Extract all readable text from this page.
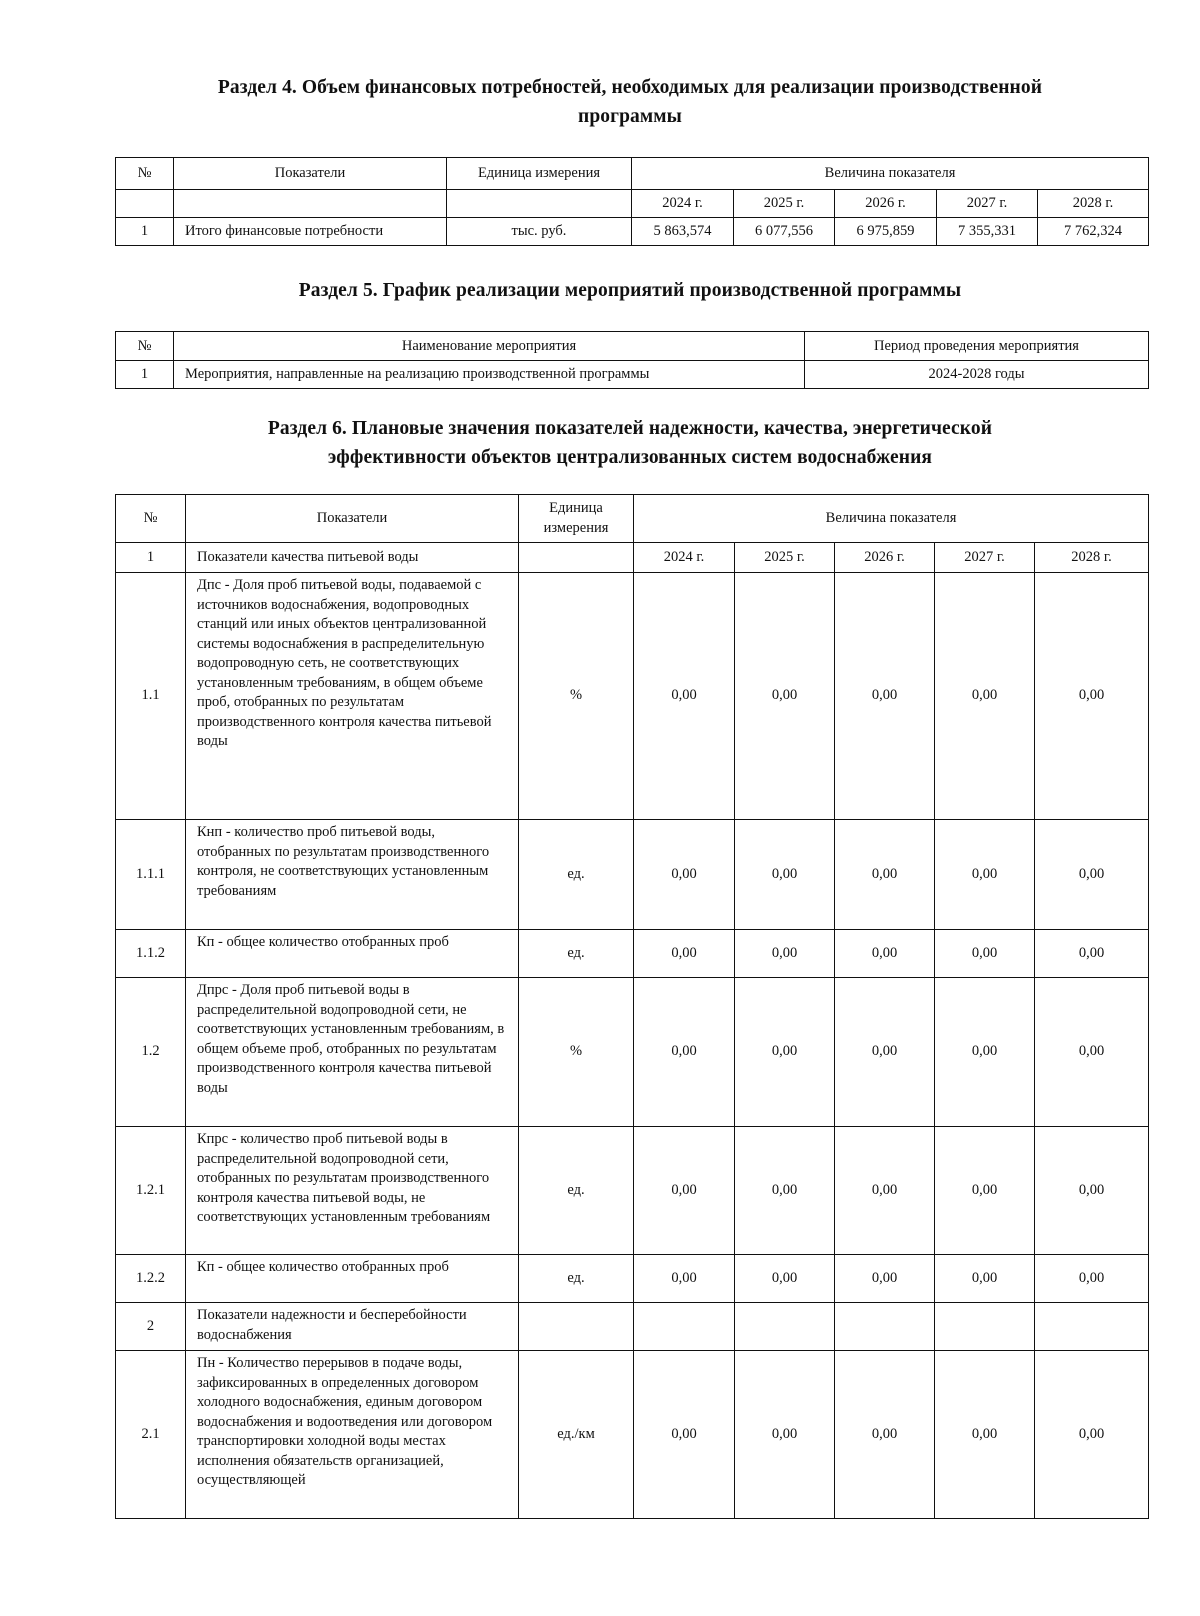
Раздел 4. Объем финансовых потребностей, необходимых для реализации производственной
программы
№	Показатели	Единица измерения	Величина показателя				
			2024 г.	2025 г.	2026 г.	2027 г.	2028 г.
1	Итого финансовые потребности	тыс. руб.	5 863,574	6 077,556	6 975,859	7 355,331	7 762,324
Раздел 5. График реализации мероприятий производственной программы
№	Наименование мероприятия	Период проведения мероприятия
1	Мероприятия, направленные на реализацию производственной программы	2024-2028 годы
Раздел 6. Плановые значения показателей надежности, качества, энергетической
эффективности объектов централизованных систем водоснабжения
№	Показатели	Единица измерения	Величина показателя				
1	Показатели качества питьевой воды		2024 г.	2025 г.	2026 г.	2027 г.	2028 г.
1.1	Дпс - Доля проб питьевой воды, подаваемой с источников водоснабжения, водопроводных станций или иных объектов централизованной системы водоснабжения в распределительную водопроводную сеть, не соответствующих установленным требованиям, в общем объеме проб, отобранных по результатам производственного контроля качества питьевой воды	%	0,00	0,00	0,00	0,00	0,00
1.1.1	Кнп - количество проб питьевой воды, отобранных по результатам производственного контроля, не соответствующих установленным требованиям	ед.	0,00	0,00	0,00	0,00	0,00
1.1.2	Кп - общее количество отобранных проб	ед.	0,00	0,00	0,00	0,00	0,00
1.2	Дпрс - Доля проб питьевой воды в распределительной водопроводной сети, не соответствующих установленным требованиям, в общем объеме проб, отобранных по результатам производственного контроля качества питьевой воды	%	0,00	0,00	0,00	0,00	0,00
1.2.1	Кпрс - количество проб питьевой воды в распределительной водопроводной сети, отобранных по результатам производственного контроля качества питьевой воды, не соответствующих установленным требованиям	ед.	0,00	0,00	0,00	0,00	0,00
1.2.2	Кп - общее количество отобранных проб	ед.	0,00	0,00	0,00	0,00	0,00
2	Показатели надежности и бесперебойности водоснабжения						
2.1	Пн - Количество перерывов в подаче воды, зафиксированных в определенных договором холодного водоснабжения, единым договором водоснабжения и водоотведения или договором транспортировки холодной воды местах исполнения обязательств организацией, осуществляющей	ед./км	0,00	0,00	0,00	0,00	0,00
